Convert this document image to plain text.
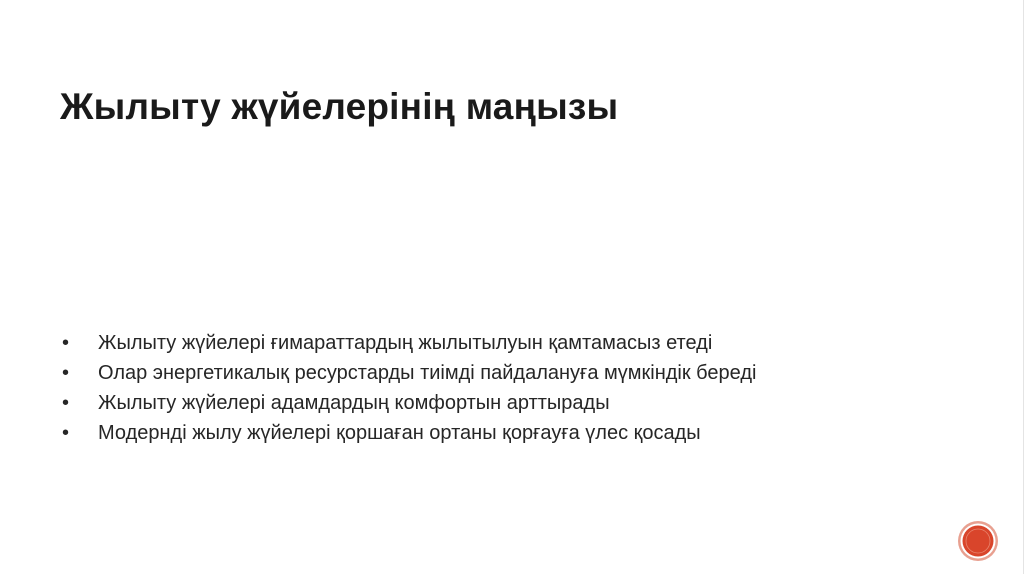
Жылыту жүйелерінің маңызы
•	Жылыту жүйелері ғимараттардың жылытылуын қамтамасыз етеді
•	Олар энергетикалық ресурстарды тиімді пайдалануға мүмкіндік береді
•	Жылыту жүйелері адамдардың комфортын арттырады
•	Модернді жылу жүйелері қоршаған ортаны қорғауға үлес қосады
